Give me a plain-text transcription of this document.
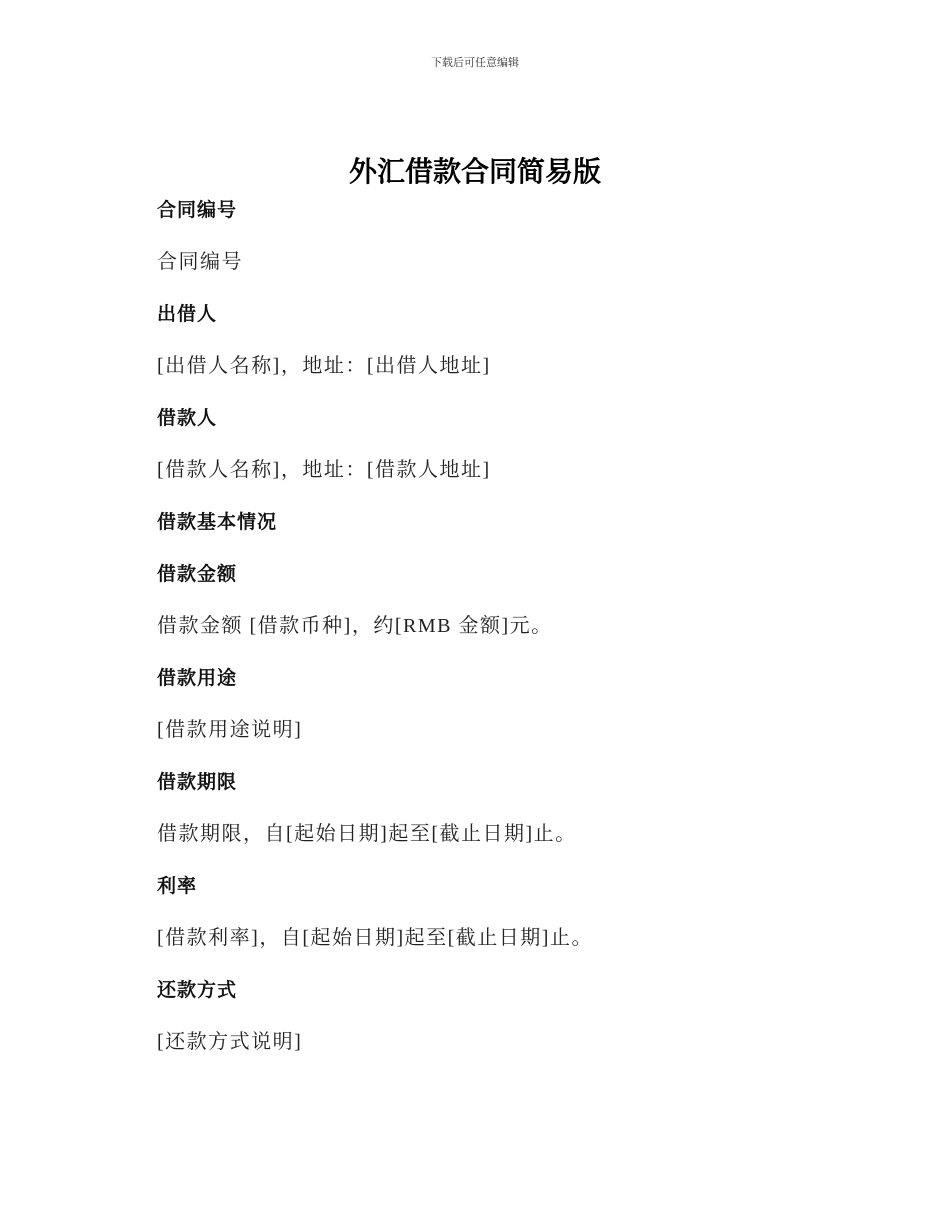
下载后可任意编辑
外汇借款合同简易版
合同编号
合同编号
出借人
[出借人名称]，地址：[出借人地址]
借款人
[借款人名称]，地址：[借款人地址]
借款基本情况
借款金额
借款金额 [借款币种]，约[RMB 金额]元。
借款用途
[借款用途说明]
借款期限
借款期限，自[起始日期]起至[截止日期]止。
利率
[借款利率]，自[起始日期]起至[截止日期]止。
还款方式
[还款方式说明]
